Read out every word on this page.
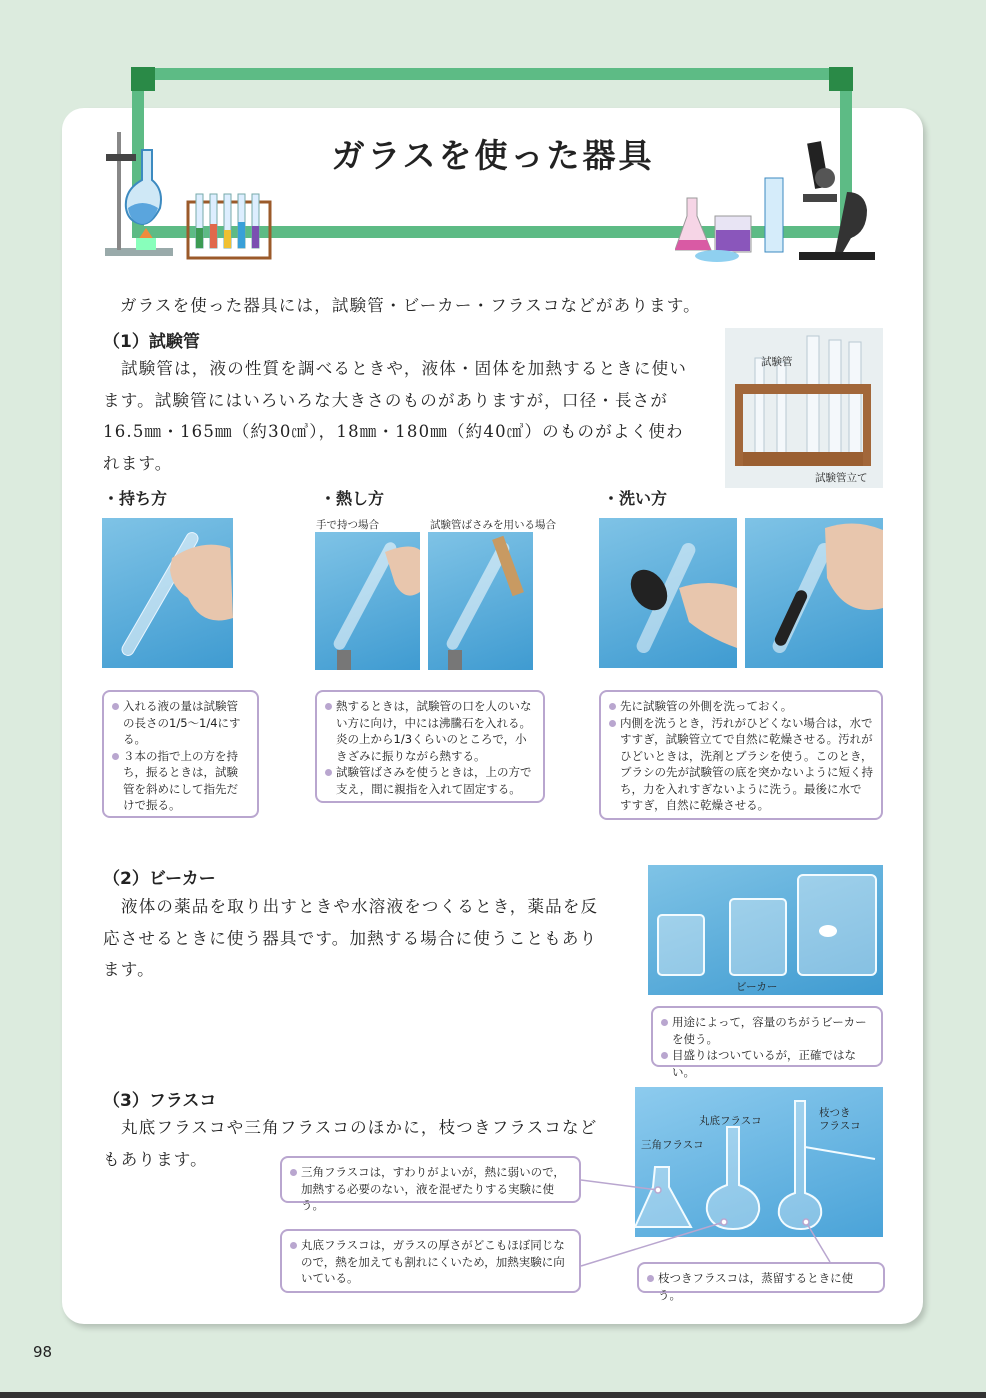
ガラスを使った器具
ガラスを使った器具には，試験管・ビーカー・フラスコなどがあります。
（1）試験管
試験管は，液の性質を調べるときや，液体・固体を加熱するときに使います。試験管にはいろいろな大きさのものがありますが，口径・長さが16.5㎜・165㎜（約30㎤），18㎜・180㎜（約40㎤）のものがよく使われます。
試験管
試験管立て
・持ち方
入れる液の量は試験管の長さの1/5～1/4にする。
３本の指で上の方を持ち，振るときは，試験管を斜めにして指先だけで振る。
・熱し方
手で持つ場合	試験管ばさみを用いる場合
熱するときは，試験管の口を人のいない方に向け，中には沸騰石を入れる。炎の上から1/3くらいのところで，小きざみに振りながら熱する。
試験管ばさみを使うときは，上の方で支え，間に親指を入れて固定する。
・洗い方
先に試験管の外側を洗っておく。
内側を洗うとき，汚れがひどくない場合は，水ですすぎ，試験管立てで自然に乾燥させる。汚れがひどいときは，洗剤とブラシを使う。このとき，ブラシの先が試験管の底を突かないように短く持ち，力を入れすぎないように洗う。最後に水ですすぎ，自然に乾燥させる。
（2）ビーカー
液体の薬品を取り出すときや水溶液をつくるとき，薬品を反応させるときに使う器具です。加熱する場合に使うこともあります。
ビーカー
用途によって，容量のちがうビーカーを使う。
目盛りはついているが，正確ではない。
（3）フラスコ
丸底フラスコや三角フラスコのほかに，枝つきフラスコなどもあります。
三角フラスコ
丸底フラスコ
枝つき
フラスコ
三角フラスコは，すわりがよいが，熱に弱いので，加熱する必要のない，液を混ぜたりする実験に使う。
丸底フラスコは，ガラスの厚さがどこもほぼ同じなので，熱を加えても割れにくいため，加熱実験に向いている。	枝つきフラスコは，蒸留するときに使う。
98
